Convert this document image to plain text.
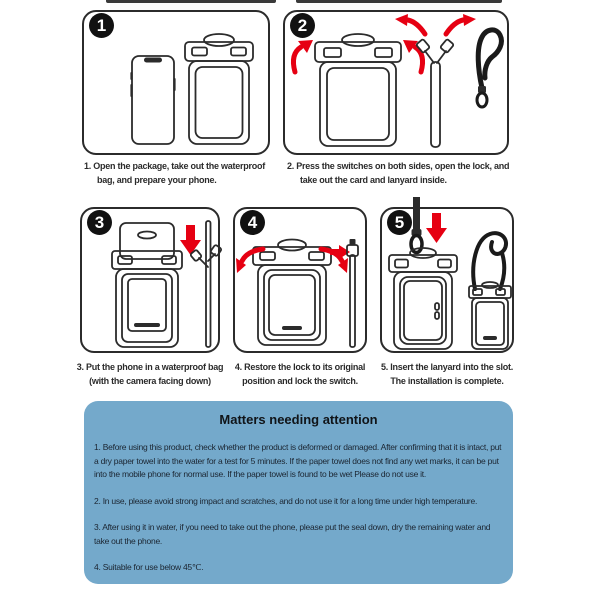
1	2
3	4	5

1. Open the package, take out the waterproof
bag, and prepare your phone.

2. Press the switches on both sides, open the lock, and
take out the card and lanyard inside.

3. Put the phone in a waterproof bag
(with the camera facing down)

4. Restore the lock to its original
position and lock the switch.

5. Insert the lanyard into the slot.
The installation is complete.

Matters needing attention

1. Before using this product, check whether the product is deformed or damaged. After confirming that it is intact, put a dry paper towel into the water for a test for 5 minutes. If the paper towel does not find any wet marks, it can be put into the mobile phone for normal use. If the paper towel is found to be wet Please do not use it.

2. In use, please avoid strong impact and scratches, and do not use it for a long time under high temperature.

3. After using it in water, if you need to take out the phone, please put the seal down, dry the remaining water and take out the phone.

4. Suitable for use below 45℃.
